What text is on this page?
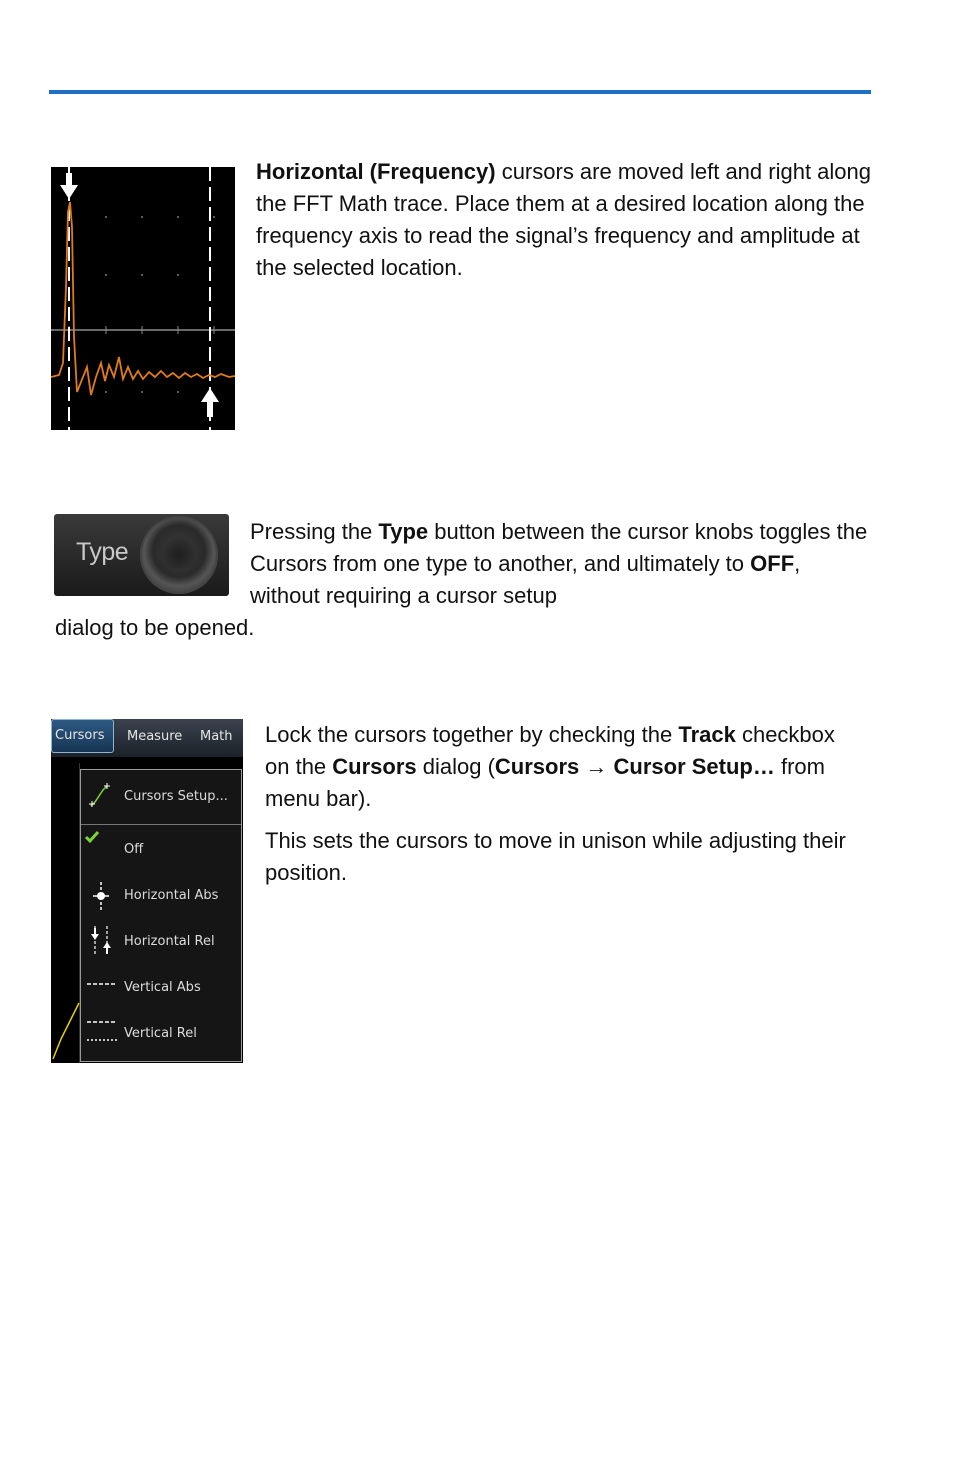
Horizontal (Frequency) cursors are moved left and right along the FFT Math trace. Place them at a desired location along the frequency axis to read the signal’s frequency and amplitude at the selected location.

Type

Pressing the Type button between the cursor knobs toggles the Cursors from one type to another, and ultimately to OFF, without requiring a cursor setup

dialog to be opened.

Cursors Measure Math
Cursors Setup...
Off
Horizontal Abs
Horizontal Rel
Vertical Abs
Vertical Rel

Lock the cursors together by checking the Track checkbox on the Cursors dialog (Cursors → Cursor Setup… from menu bar).

This sets the cursors to move in unison while adjusting their position.
